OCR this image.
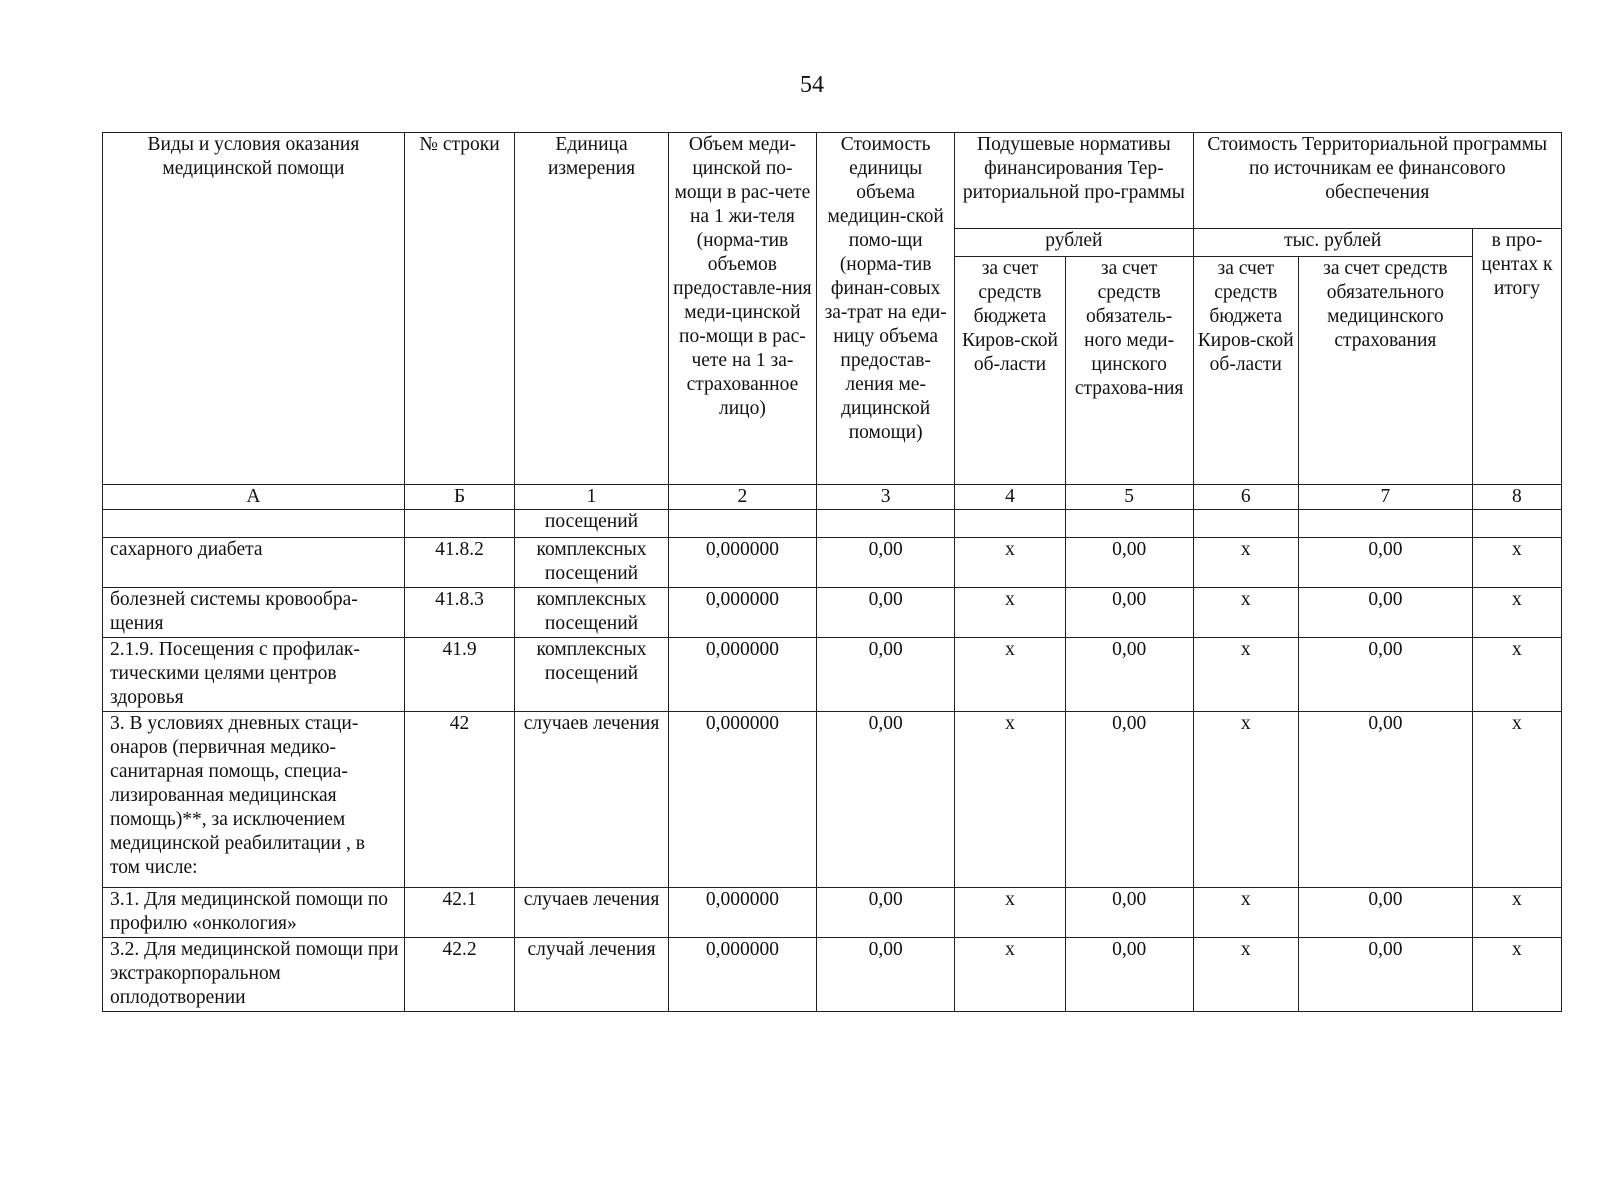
54
Виды и условия оказания медицинской помощи	№ строки	Единица измерения	Объем меди-цинской по-мощи в рас-чете на 1 жи-теля (норма-тив объемов предоставле-ния меди-цинской по-мощи в рас-чете на 1 за-страхованное лицо)	Стоимость единицы объема медицин-ской помо-щи (норма-тив финан-совых за-трат на еди-ницу объема предостав-ления ме-дицинской помощи)	Подушевые нормативы финансирования Тер-риториальной про-граммы		Стоимость Территориальной программы по источникам ее финансового обеспечения		
					рублей		тыс. рублей		в про-центах к итогу
					за счет средств бюджета Киров-ской об-ласти	за счет средств обязатель-ного меди-цинского страхова-ния	за счет средств бюджета Киров-ской об-ласти	за счет средств обязательного медицинского страхования	
А	Б	1	2	3	4	5	6	7	8
		посещений							
сахарного диабета	41.8.2	комплексных посещений	0,000000	0,00	х	0,00	х	0,00	х
болезней системы кровообра-щения	41.8.3	комплексных посещений	0,000000	0,00	х	0,00	х	0,00	х
2.1.9. Посещения с профилак-тическими целями центров здоровья	41.9	комплексных посещений	0,000000	0,00	х	0,00	х	0,00	х
3. В условиях дневных стаци-онаров (первичная медико-санитарная помощь, специа-лизированная медицинская помощь)**, за исключением медицинской реабилитации , в том числе:	42	случаев лечения	0,000000	0,00	х	0,00	х	0,00	х
3.1. Для медицинской помощи по профилю «онкология»	42.1	случаев лечения	0,000000	0,00	х	0,00	х	0,00	х
3.2. Для медицинской помощи при экстракорпоральном оплодотворении	42.2	случай лечения	0,000000	0,00	х	0,00	х	0,00	х
